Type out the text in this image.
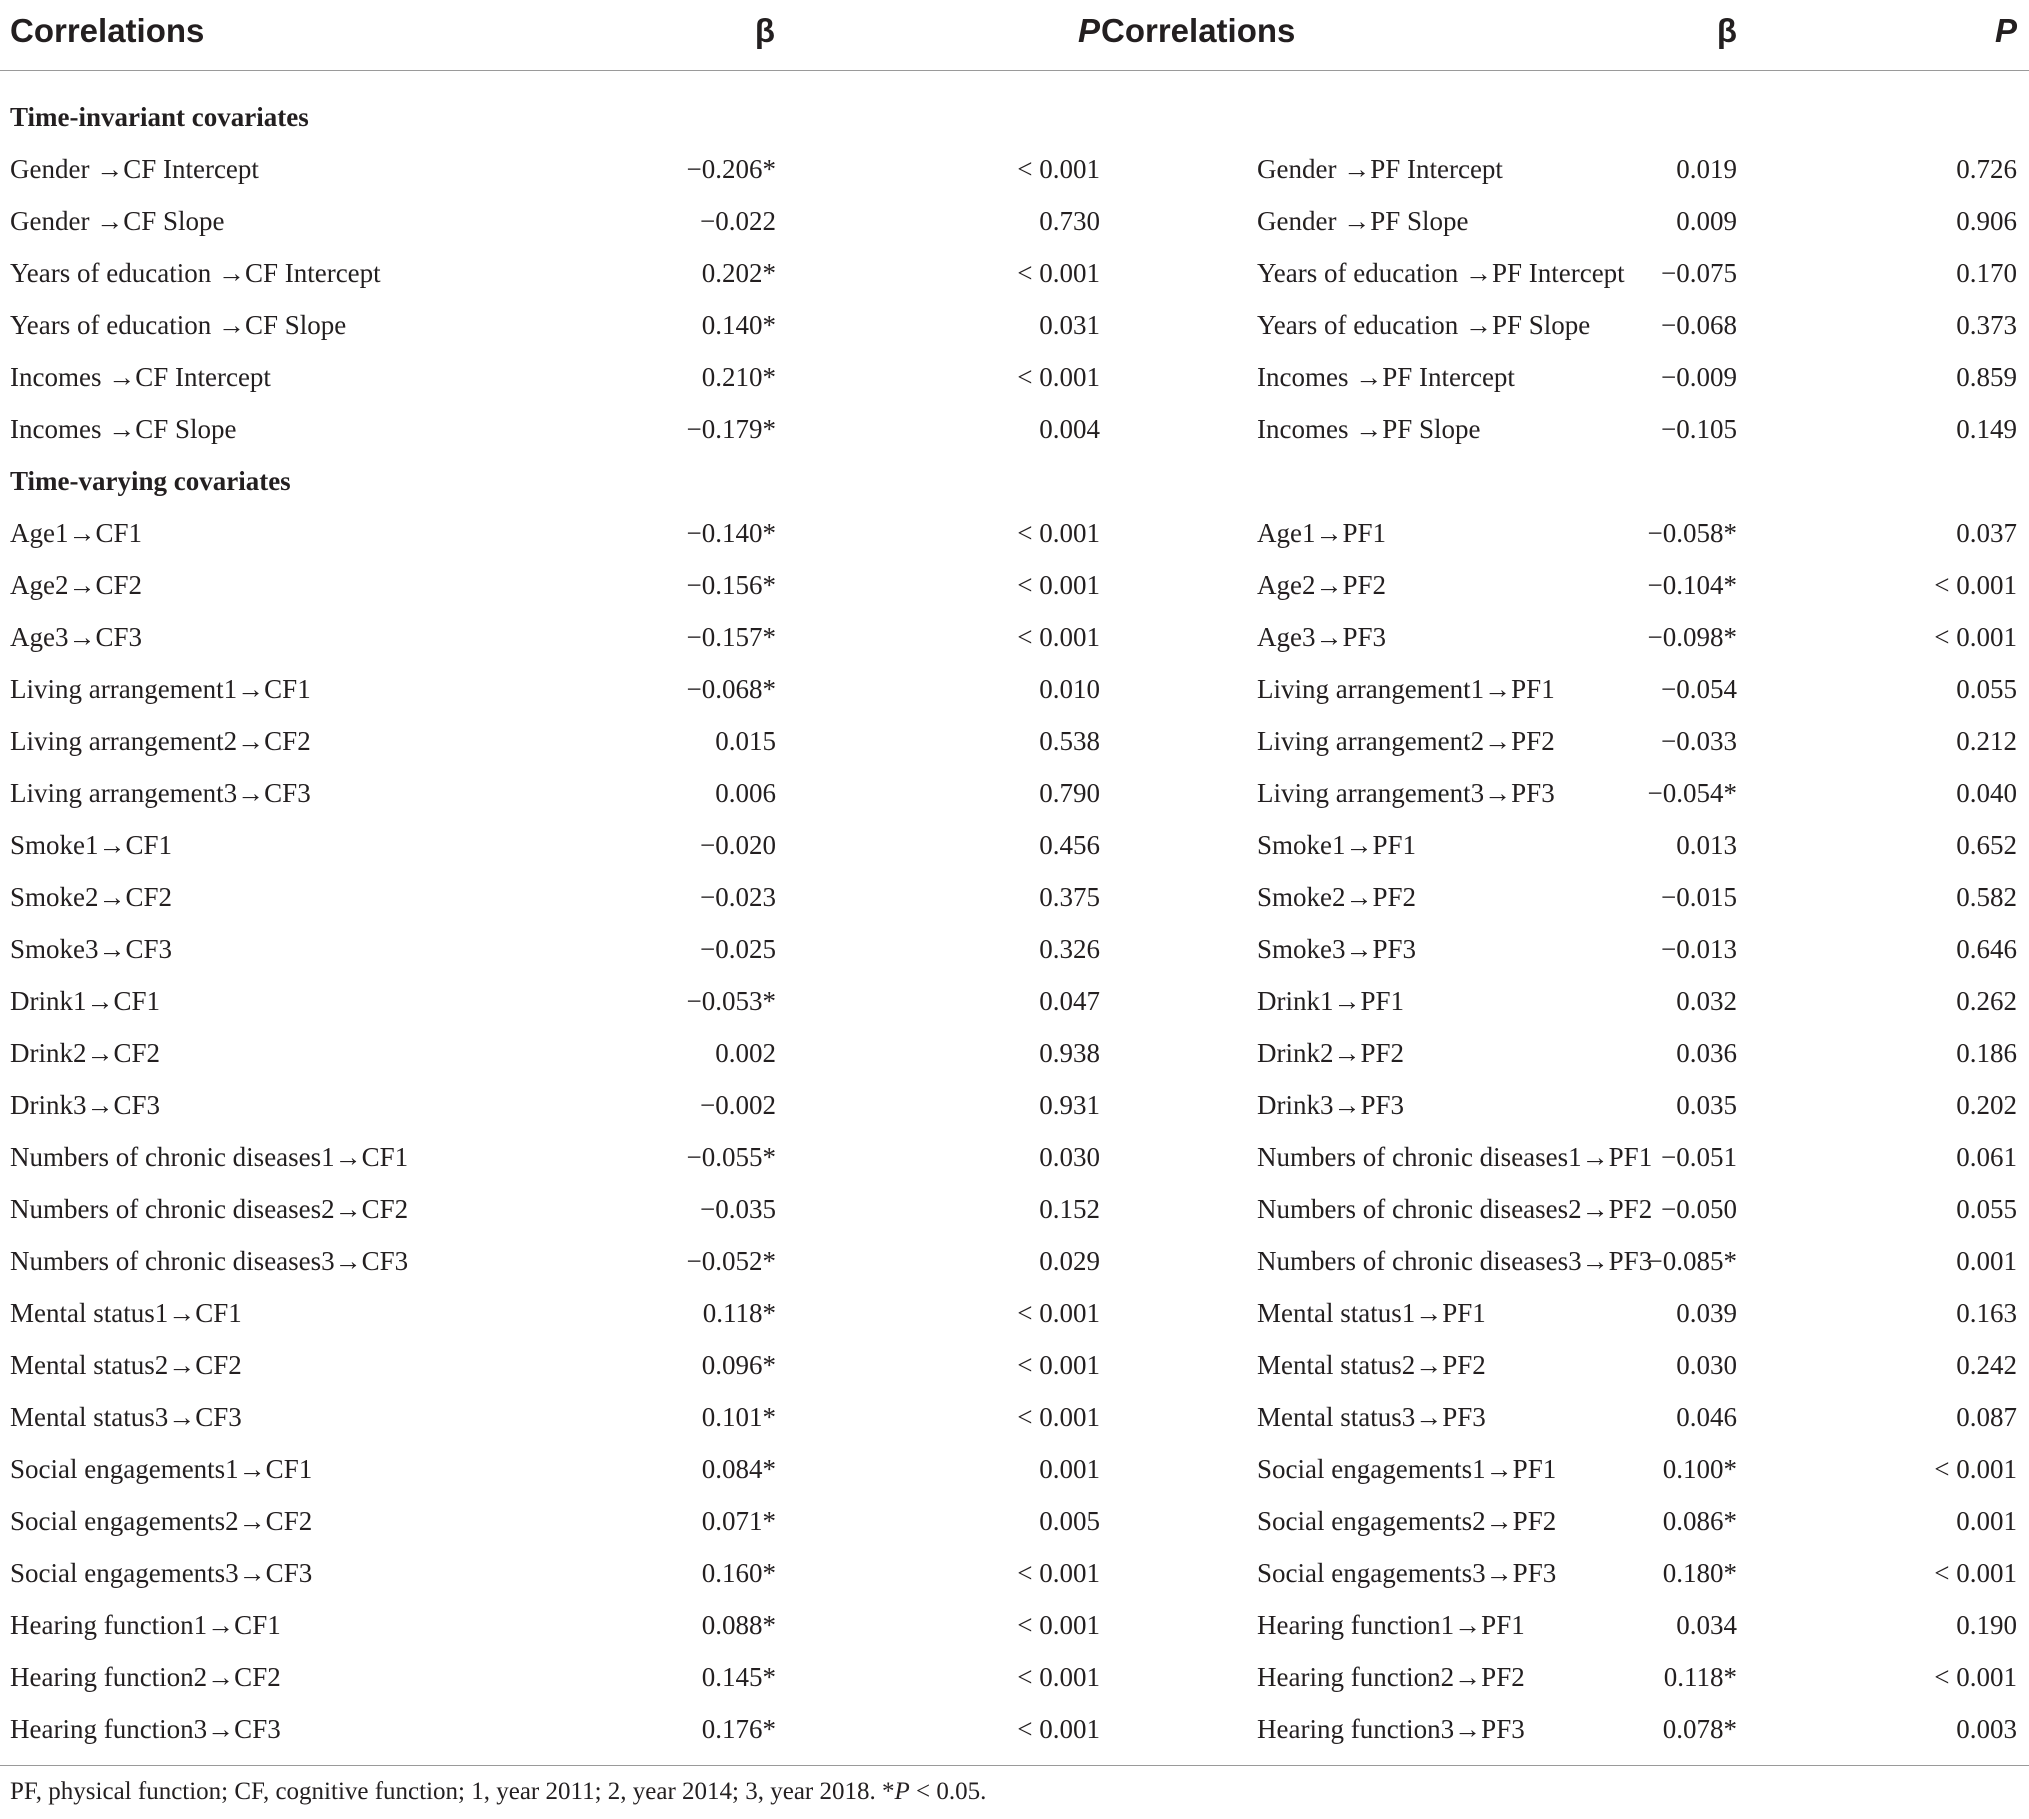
Correlations	β	P	Correlations	β	P
Time-invariant covariates					
Gender →CF Intercept	−0.206*	< 0.001	Gender →PF Intercept	0.019	0.726
Gender →CF Slope	−0.022	0.730	Gender →PF Slope	0.009	0.906
Years of education →CF Intercept	0.202*	< 0.001	Years of education →PF Intercept	−0.075	0.170
Years of education →CF Slope	0.140*	0.031	Years of education →PF Slope	−0.068	0.373
Incomes →CF Intercept	0.210*	< 0.001	Incomes →PF Intercept	−0.009	0.859
Incomes →CF Slope	−0.179*	0.004	Incomes →PF Slope	−0.105	0.149
Time-varying covariates					
Age1→CF1	−0.140*	< 0.001	Age1→PF1	−0.058*	0.037
Age2→CF2	−0.156*	< 0.001	Age2→PF2	−0.104*	< 0.001
Age3→CF3	−0.157*	< 0.001	Age3→PF3	−0.098*	< 0.001
Living arrangement1→CF1	−0.068*	0.010	Living arrangement1→PF1	−0.054	0.055
Living arrangement2→CF2	0.015	0.538	Living arrangement2→PF2	−0.033	0.212
Living arrangement3→CF3	0.006	0.790	Living arrangement3→PF3	−0.054*	0.040
Smoke1→CF1	−0.020	0.456	Smoke1→PF1	0.013	0.652
Smoke2→CF2	−0.023	0.375	Smoke2→PF2	−0.015	0.582
Smoke3→CF3	−0.025	0.326	Smoke3→PF3	−0.013	0.646
Drink1→CF1	−0.053*	0.047	Drink1→PF1	0.032	0.262
Drink2→CF2	0.002	0.938	Drink2→PF2	0.036	0.186
Drink3→CF3	−0.002	0.931	Drink3→PF3	0.035	0.202
Numbers of chronic diseases1→CF1	−0.055*	0.030	Numbers of chronic diseases1→PF1	−0.051	0.061
Numbers of chronic diseases2→CF2	−0.035	0.152	Numbers of chronic diseases2→PF2	−0.050	0.055
Numbers of chronic diseases3→CF3	−0.052*	0.029	Numbers of chronic diseases3→PF3	−0.085*	0.001
Mental status1→CF1	0.118*	< 0.001	Mental status1→PF1	0.039	0.163
Mental status2→CF2	0.096*	< 0.001	Mental status2→PF2	0.030	0.242
Mental status3→CF3	0.101*	< 0.001	Mental status3→PF3	0.046	0.087
Social engagements1→CF1	0.084*	0.001	Social engagements1→PF1	0.100*	< 0.001
Social engagements2→CF2	0.071*	0.005	Social engagements2→PF2	0.086*	0.001
Social engagements3→CF3	0.160*	< 0.001	Social engagements3→PF3	0.180*	< 0.001
Hearing function1→CF1	0.088*	< 0.001	Hearing function1→PF1	0.034	0.190
Hearing function2→CF2	0.145*	< 0.001	Hearing function2→PF2	0.118*	< 0.001
Hearing function3→CF3	0.176*	< 0.001	Hearing function3→PF3	0.078*	0.003
PF, physical function; CF, cognitive function; 1, year 2011; 2, year 2014; 3, year 2018. *P < 0.05.
